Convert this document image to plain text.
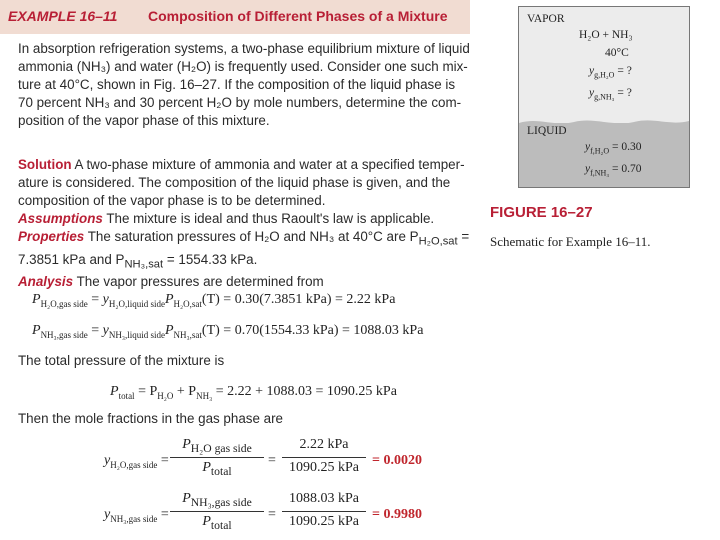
EXAMPLE 16–11 Composition of Different Phases of a Mixture
In absorption refrigeration systems, a two-phase equilibrium mixture of liquid
ammonia (NH₃) and water (H₂O) is frequently used. Consider one such mix-
ture at 40°C, shown in Fig. 16–27. If the composition of the liquid phase is
70 percent NH₃ and 30 percent H₂O by mole numbers, determine the com-
position of the vapor phase of this mixture.
Solution A two-phase mixture of ammonia and water at a specified temper-
ature is considered. The composition of the liquid phase is given, and the
composition of the vapor phase is to be determined.
Assumptions The mixture is ideal and thus Raoult's law is applicable.
Properties The saturation pressures of H₂O and NH₃ at 40°C are $P_{H_2O,sat}$ =
7.3851 kPa and $P_{NH_3,sat} = 1554.33$ kPa.
Analysis The vapor pressures are determined from
$P_{H_2O,gas side} = y_{H_2O,liquid side}P_{H_2O,sat}(T) = 0.30(7.3851$ kPa) = 2.22 kPa
$P_{NH_3,gas side} = y_{NH_3,liquid side}P_{NH_3,sat}(T) = 0.70(1554.33$ kPa) = 1088.03 kPa
The total pressure of the mixture is
$P_{total} = P_{H_2O} + P_{NH_3} = 2.22 + 1088.03 = 1090.25$ kPa
Then the mole fractions in the gas phase are
$y_{H_2O,gas side}$ =
$P_{H_2O gas side}$
$P_{total}$
=
2.22 kPa
1090.25 kPa = 0.0020
$y_{NH_3,gas side}$ =
$P_{NH_3,gas side}$
$P_{total}$
=
1088.03 kPa
1090.25 kPa = 0.9980
VAPOR
H₂O + NH₃
40°C
$y_{g,H_2O}$ = ?
$y_{g,NH_3}$ = ?
LIQUID
$y_{f,H_2O} = 0.30$
$y_{f,NH_3} = 0.70$
FIGURE 16–27
Schematic for Example 16–11.
